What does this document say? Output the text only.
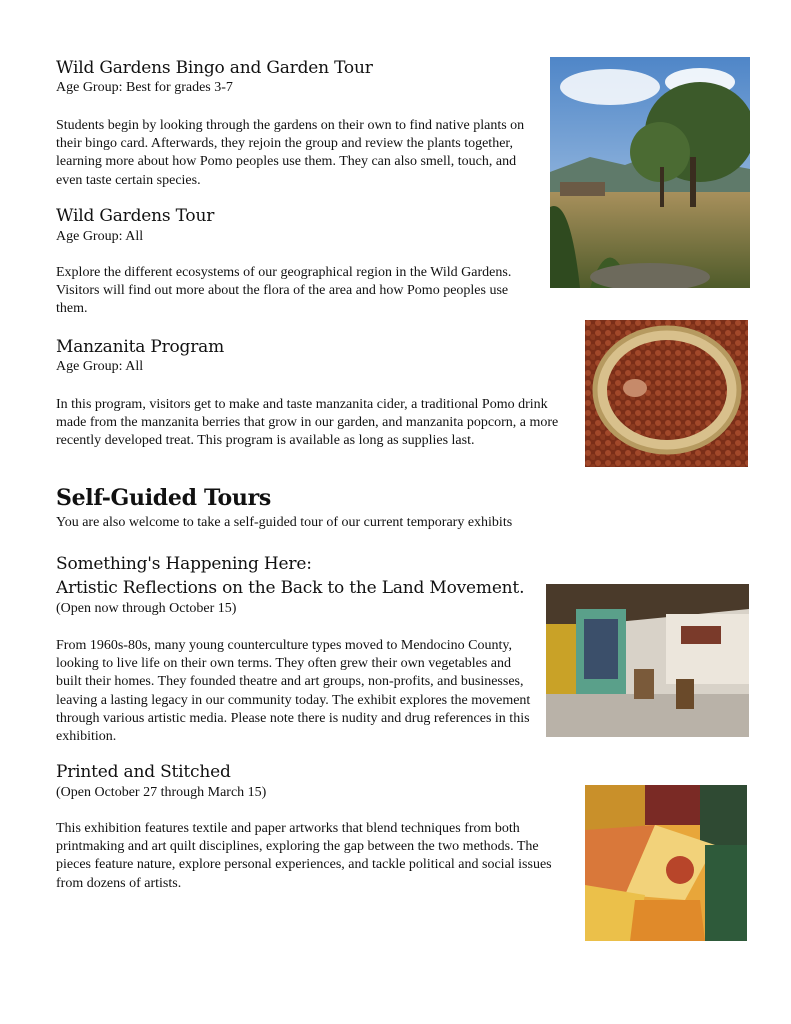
Wild Gardens Bingo and Garden Tour

Age Group: Best for grades 3-7

Students begin by looking through the gardens on their own to find native plants on their bingo card. Afterwards, they rejoin the group and review the plants together, learning more about how Pomo peoples use them. They can also smell, touch, and even taste certain species.

Wild Gardens Tour

Age Group: All

Explore the different ecosystems of our geographical region in the Wild Gardens. Visitors will find out more about the flora of the area and how Pomo peoples use them.

Manzanita Program

Age Group: All

In this program, visitors get to make and taste manzanita cider, a traditional Pomo drink made from the manzanita berries that grow in our garden, and manzanita popcorn, a more recently developed treat. This program is available as long as supplies last.

Self-Guided Tours

You are also welcome to take a self-guided tour of our current temporary exhibits

Something's Happening Here:
Artistic Reflections on the Back to the Land Movement.

(Open now through October 15)

From 1960s-80s, many young counterculture types moved to Mendocino County, looking to live life on their own terms. They often grew their own vegetables and built their homes. They founded theatre and art groups, non-profits, and businesses, leaving a lasting legacy in our community today. The exhibit explores the movement through various artistic media. Please note there is nudity and drug references in this exhibition.

Printed and Stitched

(Open October 27 through March 15)

This exhibition features textile and paper artworks that blend techniques from both printmaking and art quilt disciplines, exploring the gap between the two methods. The pieces feature nature, explore personal experiences, and tackle political and social issues from dozens of artists.
